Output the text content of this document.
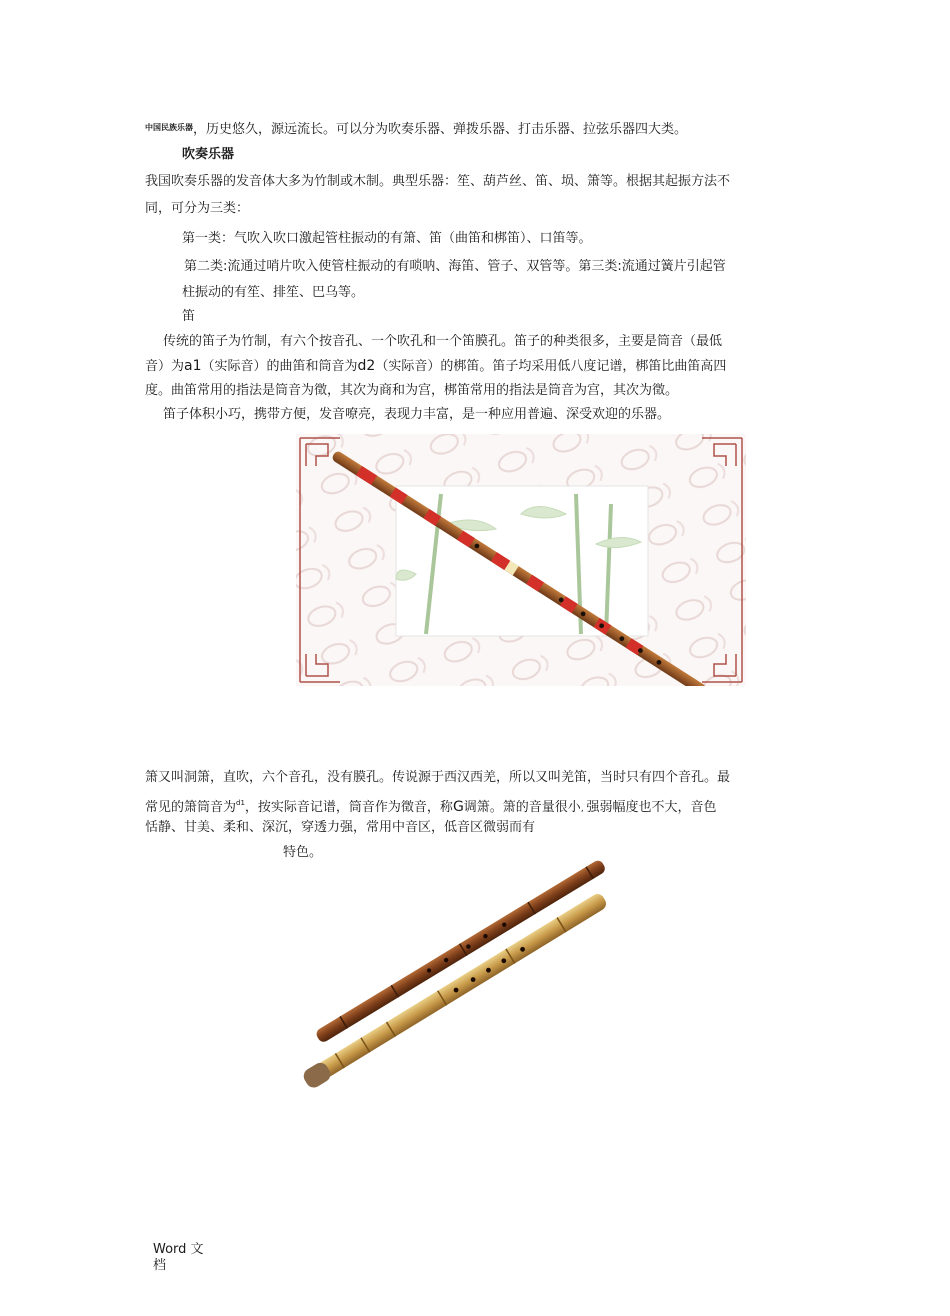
$^{中国民族乐器}$，历史悠久，源远流长。可以分为吹奏乐器、弹拨乐器、打击乐器、拉弦乐器四大类。
吹奏乐器
我国吹奏乐器的发音体大多为竹制或木制。典型乐器：笙、葫芦丝、笛、埙、箫等。根据其起振方法不
同，可分为三类：
第一类：气吹入吹口激起管柱振动的有箫、笛（曲笛和梆笛）、口笛等。
第二类:流通过哨片吹入使管柱振动的有唢呐、海笛、管子、双管等。第三类:流通过簧片引起管
柱振动的有笙、排笙、巴乌等。
笛
传统的笛子为竹制，有六个按音孔、一个吹孔和一个笛膜孔。笛子的种类很多，主要是筒音（最低
音）为a1（实际音）的曲笛和筒音为d2（实际音）的梆笛。笛子均采用低八度记谱，梆笛比曲笛高四
度。曲笛常用的指法是筒音为徵，其次为商和为宫，梆笛常用的指法是筒音为宫，其次为徵。
笛子体积小巧，携带方便，发音嘹亮，表现力丰富，是一种应用普遍、深受欢迎的乐器。
箫又叫洞箫，直吹，六个音孔，没有膜孔。传说源于西汉西羌，所以又叫羌笛，当时只有四个音孔。最
常见的箫筒音为$^{d1}$，按实际音记谱，筒音作为徵音，称G调箫。箫的音量很小, 强弱幅度也不大，音色
恬静、甘美、柔和、深沉，穿透力强，常用中音区，低音区微弱而有
特色。
Word 文
档
